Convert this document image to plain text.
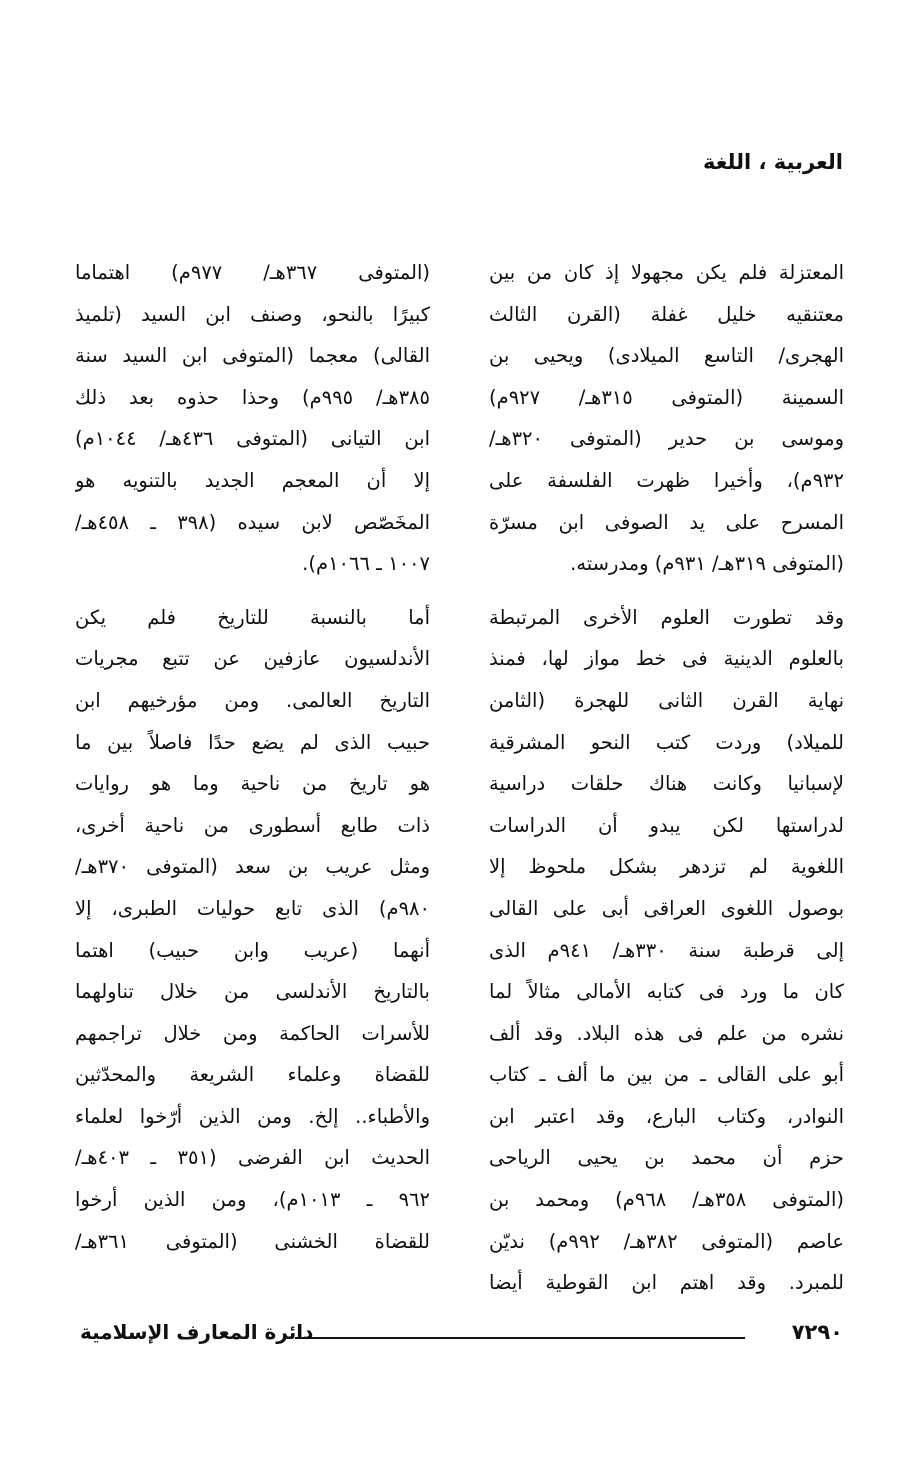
العربية ، اللغة
المعتزلة فلم يكن مجهولا إذ كان من بين
معتنقيه خليل غفلة (القرن الثالث
الهجرى/ التاسع الميلادى) ويحيى بن
السمينة (المتوفى ٣١٥هـ/ ٩٢٧م)
وموسى بن حدير (المتوفى ٣٢٠هـ/
٩٣٢م)، وأخيرا ظهرت الفلسفة على
المسرح على يد الصوفى ابن مسرّة
(المتوفى ٣١٩هـ/ ٩٣١م) ومدرسته.
وقد تطورت العلوم الأخرى المرتبطة
بالعلوم الدينية فى خط مواز لها، فمنذ
نهاية القرن الثانى للهجرة (الثامن
للميلاد) وردت كتب النحو المشرقية
لإسبانيا وكانت هناك حلقات دراسية
لدراستها لكن يبدو أن الدراسات
اللغوية لم تزدهر بشكل ملحوظ إلا
بوصول اللغوى العراقى أبى على القالى
إلى قرطبة سنة ٣٣٠هـ/ ٩٤١م الذى
كان ما ورد فى كتابه الأمالى مثالاً لما
نشره من علم فى هذه البلاد. وقد ألف
أبو على القالى ـ من بين ما ألف ـ كتاب
النوادر، وكتاب البارع، وقد اعتبر ابن
حزم أن محمد بن يحيى الرياحى
(المتوفى ٣٥٨هـ/ ٩٦٨م) ومحمد بن
عاصم (المتوفى ٣٨٢هـ/ ٩٩٢م) نديّن
للمبرد. وقد اهتم ابن القوطية أيضا
(المتوفى ٣٦٧هـ/ ٩٧٧م) اهتماما
كبيرًا بالنحو، وصنف ابن السيد (تلميذ
القالى) معجما (المتوفى ابن السيد سنة
٣٨٥هـ/ ٩٩٥م) وحذا حذوه بعد ذلك
ابن التيانى (المتوفى ٤٣٦هـ/ ١٠٤٤م)
إلا أن المعجم الجديد بالتنويه هو
المخَصّص لابن سيده (٣٩٨ ـ ٤٥٨هـ/
١٠٠٧ ـ ١٠٦٦م).
أما بالنسبة للتاريخ فلم يكن
الأندلسيون عازفين عن تتبع مجريات
التاريخ العالمى. ومن مؤرخيهم ابن
حبيب الذى لم يضع حدًا فاصلاً بين ما
هو تاريخ من ناحية وما هو روايات
ذات طابع أسطورى من ناحية أخرى،
ومثل عريب بن سعد (المتوفى ٣٧٠هـ/
٩٨٠م) الذى تابع حوليات الطبرى، إلا
أنهما (عريب وابن حبيب) اهتما
بالتاريخ الأندلسى من خلال تناولهما
للأسرات الحاكمة ومن خلال تراجمهم
للقضاة وعلماء الشريعة والمحدّثين
والأطباء.. إلخ. ومن الذين أرّخوا لعلماء
الحديث ابن الفرضى (٣٥١ ـ ٤٠٣هـ/
٩٦٢ ـ ١٠١٣م)، ومن الذين أرخوا
للقضاة الخشنى (المتوفى ٣٦١هـ/
٧٢٩٠
دائرة المعارف الإسلامية
